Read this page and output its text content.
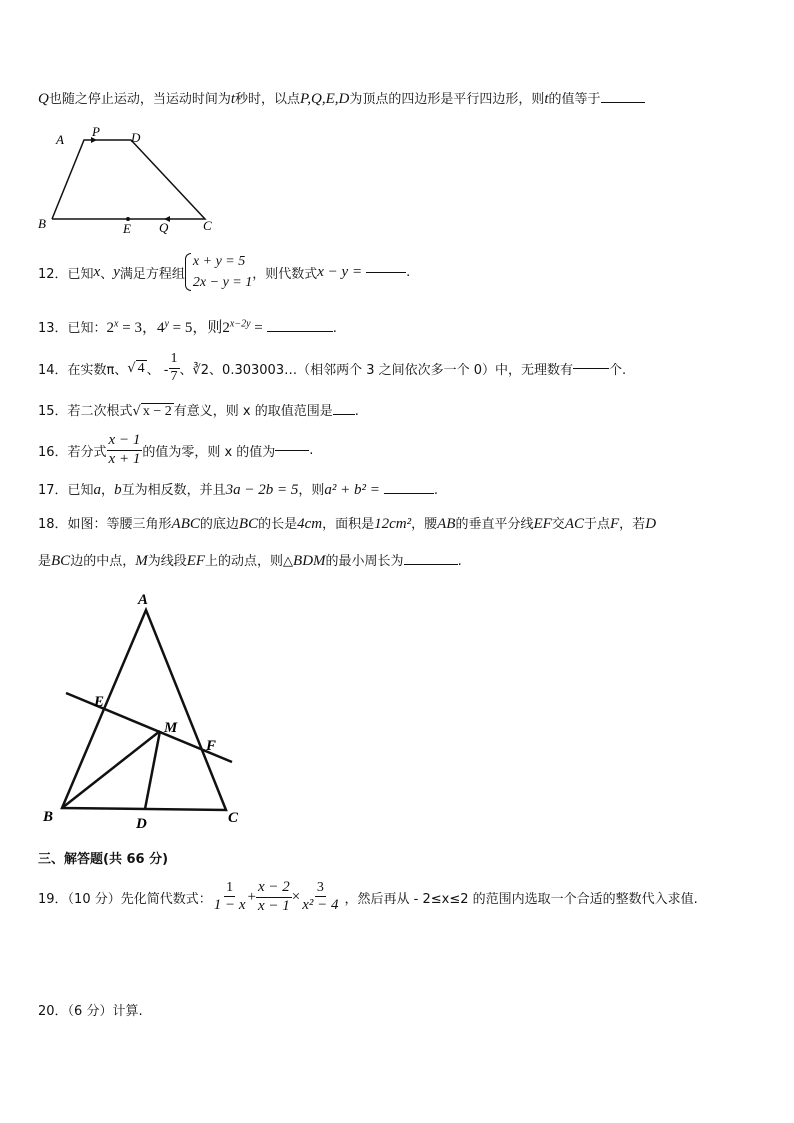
Q也随之停止运动，当运动时间为t秒时，以点P,Q,E,D为顶点的四边形是平行四边形，则t的值等于
A
P D
B	E Q	C
12．已知 x 、 y 满足方程组
x + y = 5
2x − y = 1
，则代数式 x − y =	.
13．已知：$2^x = 3$，$4^y = 5$，则$2^{x-2y}$ =	.
14．在实数π、 √ 4 、 - $\frac{1}{7}$ 、∛2、0.303003…（相邻两个 3 之间依次多一个 0）中，无理数有	个.
15．若二次根式√ x − 2 有意义，则 x 的取值范围是 .
16．若分式 $\frac{x - 1}{x + 1}$ 的值为零，则 x 的值为	.
17．已知a，b互为相反数，并且3a − 2b = 5，则a² + b² =	.
18．如图：等腰三角形ABC的底边BC的长是4cm，面积是12cm²，腰AB的垂直平分线EF交AC于点F，若D
是BC边的中点，M为线段EF上的动点，则△BDM的最小周长为	.
A
E
M
F
B	D	C
三、解答题(共 66 分)
19．（10 分）先化简代数式： $\frac{1}{1 - x} + \frac{x - 2}{x - 1} \times \frac{3}{\text{x² − 4}}$ ，然后再从 - 2≤x≤2 的范围内选取一个合适的整数代入求值.
20．（6 分）计算.
